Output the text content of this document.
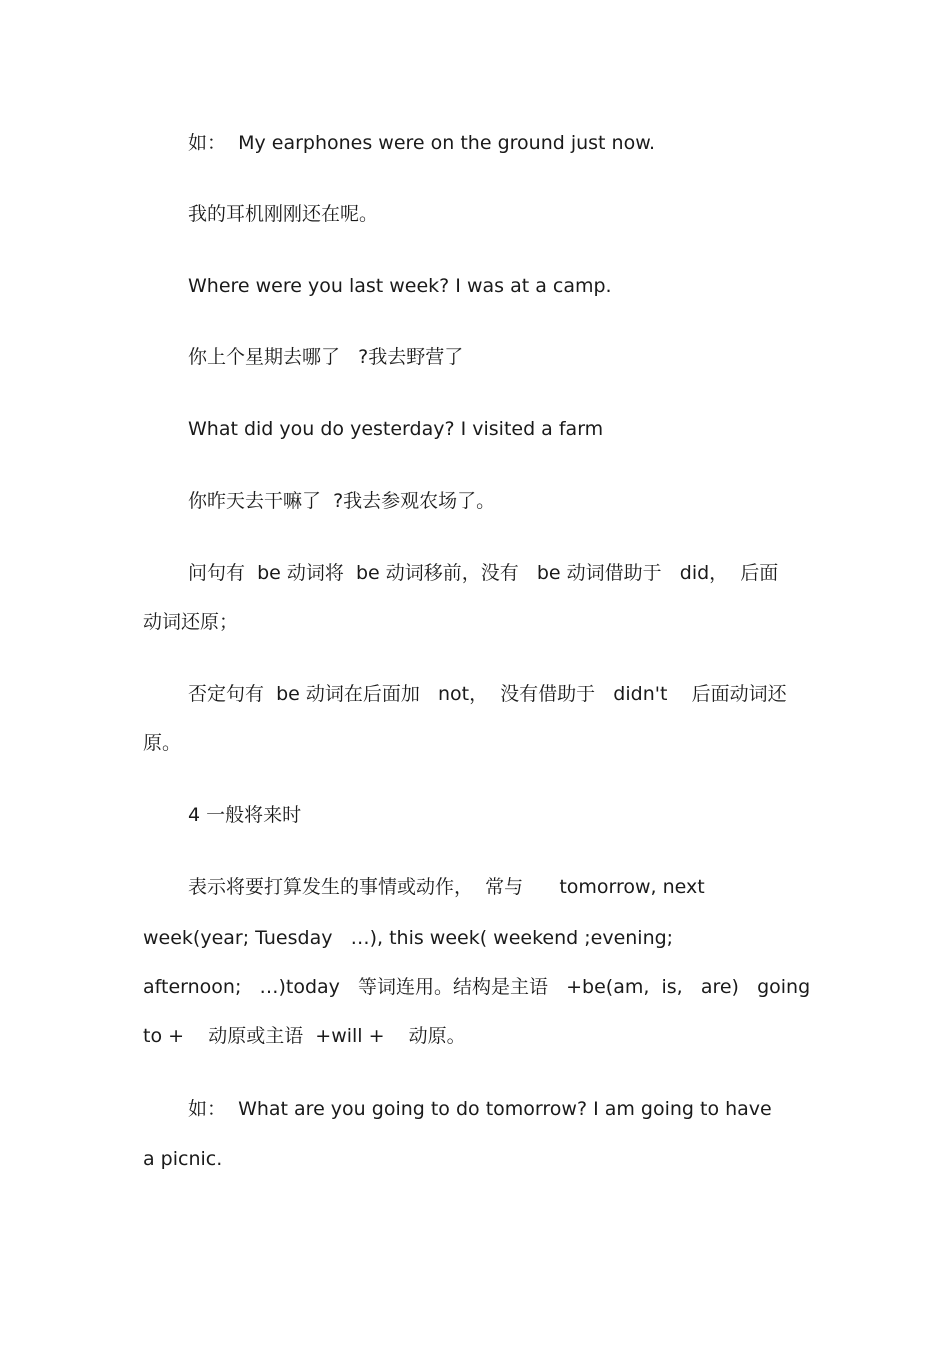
如：  My earphones were on the ground just now.
我的耳机刚刚还在呢。
Where were you last week? I was at a camp.
你上个星期去哪了   ?我去野营了
What did you do yesterday? I visited a farm
你昨天去干嘛了  ?我去参观农场了。
问句有  be 动词将  be 动词移前，没有   be 动词借助于   did，  后面
动词还原；
否定句有  be 动词在后面加   not，  没有借助于   didn't    后面动词还
原。
4 一般将来时
表示将要打算发生的事情或动作，  常与      tomorrow, next
week(year; Tuesday   …), this week( weekend ;evening;
afternoon;   …)today   等词连用。结构是主语   +be(am,  is,   are)   going
to +    动原或主语  +will +    动原。
如：  What are you going to do tomorrow? I am going to have
a picnic.
